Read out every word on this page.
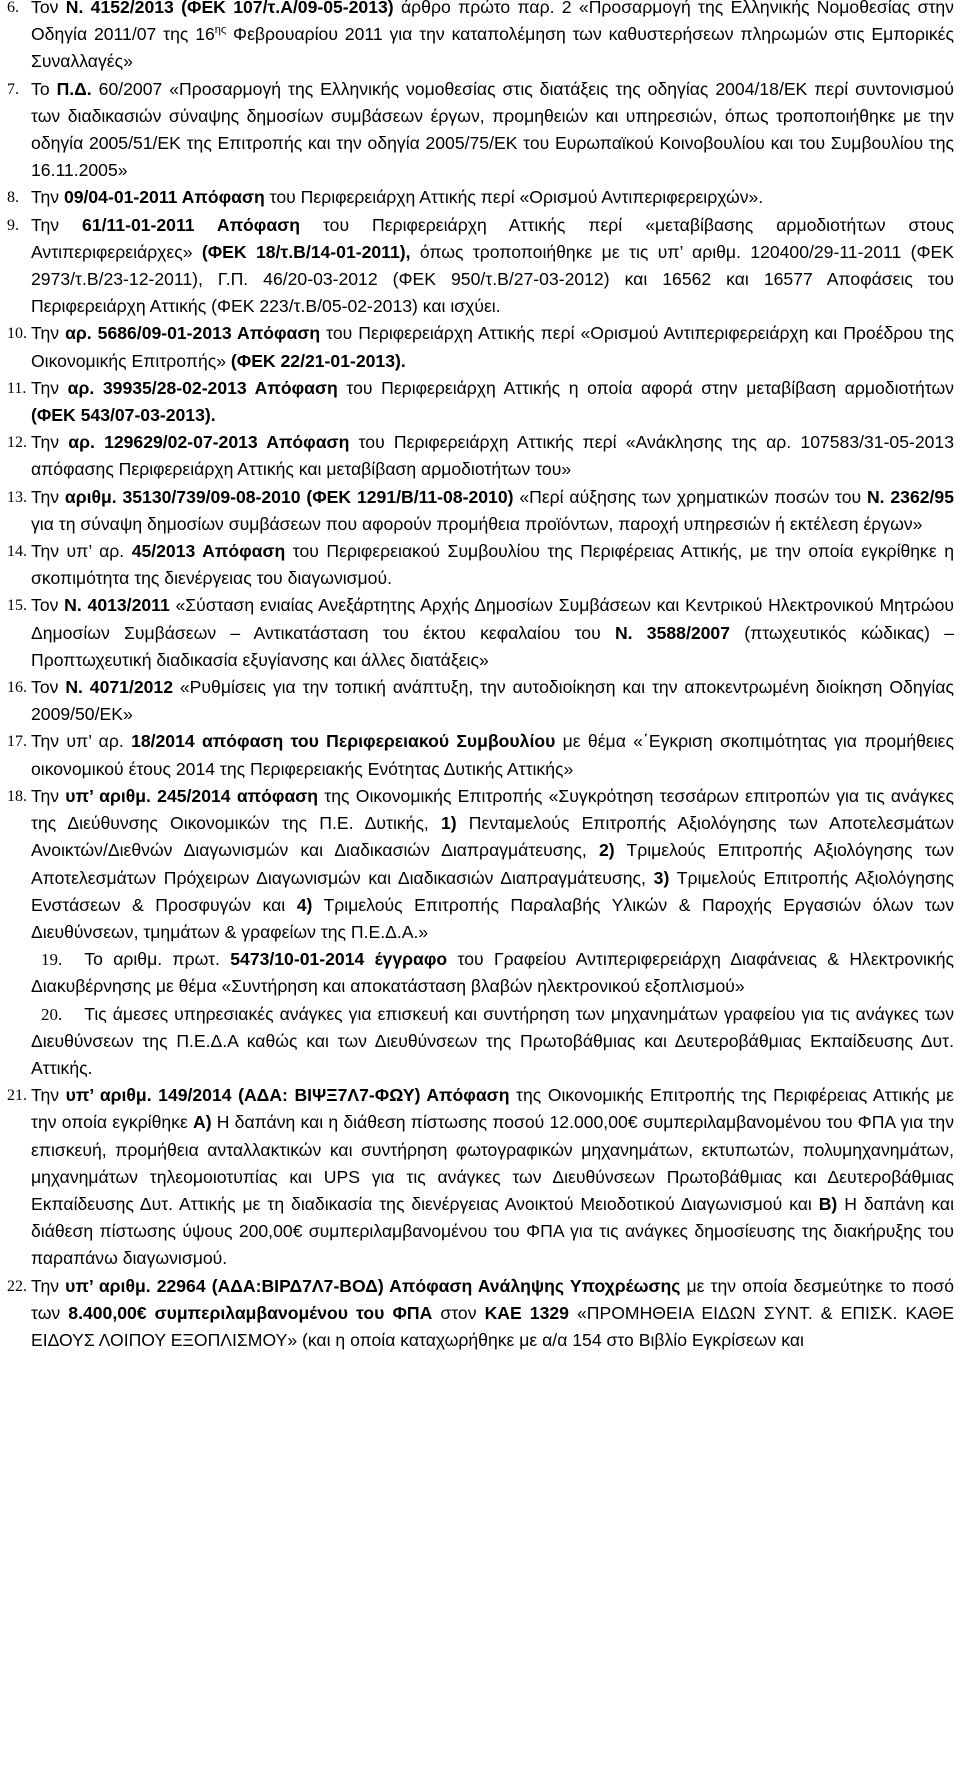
6. Τον Ν. 4152/2013 (ΦΕΚ 107/τ.Α/09-05-2013) άρθρο πρώτο παρ. 2 «Προσαρμογή της Ελληνικής Νομοθεσίας στην Οδηγία 2011/07 της $16^{\eta\varsigma}$ Φεβρουαρίου 2011 για την καταπολέμηση των καθυστερήσεων πληρωμών στις Εμπορικές Συναλλαγές»
7. Το Π.Δ. 60/2007 «Προσαρμογή της Ελληνικής νομοθεσίας στις διατάξεις της οδηγίας 2004/18/ΕΚ περί συντονισμού των διαδικασιών σύναψης δημοσίων συμβάσεων έργων, προμηθειών και υπηρεσιών, όπως τροποποιήθηκε με την οδηγία 2005/51/ΕΚ της Επιτροπής και την οδηγία 2005/75/ΕΚ του Ευρωπαϊκού Κοινοβουλίου και του Συμβουλίου της 16.11.2005»
8. Την 09/04-01-2011 Απόφαση του Περιφερειάρχη Αττικής περί «Ορισμού Αντιπεριφερειρχών».
9. Την 61/11-01-2011 Απόφαση του Περιφερειάρχη Αττικής περί «μεταβίβασης αρμοδιοτήτων στους Αντιπεριφερειάρχες» (ΦΕΚ 18/τ.Β/14-01-2011), όπως τροποποιήθηκε με τις υπ’ αριθμ. 120400/29-11-2011 (ΦΕΚ 2973/τ.Β/23-12-2011), Γ.Π. 46/20-03-2012 (ΦΕΚ 950/τ.Β/27-03-2012) και 16562 και 16577 Αποφάσεις του Περιφερειάρχη Αττικής (ΦΕΚ 223/τ.Β/05-02-2013) και ισχύει.
10. Την αρ. 5686/09-01-2013 Απόφαση του Περιφερειάρχη Αττικής περί «Ορισμού Αντιπεριφερειάρχη και Προέδρου της Οικονομικής Επιτροπής» (ΦΕΚ 22/21-01-2013).
11. Την αρ. 39935/28-02-2013 Απόφαση του Περιφερειάρχη Αττικής η οποία αφορά στην μεταβίβαση αρμοδιοτήτων (ΦΕΚ 543/07-03-2013).
12. Την αρ. 129629/02-07-2013 Απόφαση του Περιφερειάρχη Αττικής περί «Ανάκλησης της αρ. 107583/31-05-2013 απόφασης Περιφερειάρχη Αττικής και μεταβίβαση αρμοδιοτήτων του»
13. Την αριθμ. 35130/739/09-08-2010 (ΦΕΚ 1291/Β/11-08-2010) «Περί αύξησης των χρηματικών ποσών του Ν. 2362/95 για τη σύναψη δημοσίων συμβάσεων που αφορούν προμήθεια προϊόντων, παροχή υπηρεσιών ή εκτέλεση έργων»
14. Την υπ’ αρ. 45/2013 Απόφαση του Περιφερειακού Συμβουλίου της Περιφέρειας Αττικής, με την οποία εγκρίθηκε η σκοπιμότητα της διενέργειας του διαγωνισμού.
15. Τον Ν. 4013/2011 «Σύσταση ενιαίας Ανεξάρτητης Αρχής Δημοσίων Συμβάσεων και Κεντρικού Ηλεκτρονικού Μητρώου Δημοσίων Συμβάσεων – Αντικατάσταση του έκτου κεφαλαίου του Ν. 3588/2007 (πτωχευτικός κώδικας) – Προπτωχευτική διαδικασία εξυγίανσης και άλλες διατάξεις»
16. Τον Ν. 4071/2012 «Ρυθμίσεις για την τοπική ανάπτυξη, την αυτοδιοίκηση και την αποκεντρωμένη διοίκηση Οδηγίας 2009/50/ΕΚ»
17. Την υπ’ αρ. 18/2014 απόφαση του Περιφερειακού Συμβουλίου με θέμα «΄Εγκριση σκοπιμότητας για προμήθειες οικονομικού έτους 2014 της Περιφερειακής Ενότητας Δυτικής Αττικής»
18. Την υπ’ αριθμ. 245/2014 απόφαση της Οικονομικής Επιτροπής «Συγκρότηση τεσσάρων επιτροπών για τις ανάγκες της Διεύθυνσης Οικονομικών της Π.Ε. Δυτικής, 1) Πενταμελούς Επιτροπής Αξιολόγησης των Αποτελεσμάτων Ανοικτών/Διεθνών Διαγωνισμών και Διαδικασιών Διαπραγμάτευσης, 2) Τριμελούς Επιτροπής Αξιολόγησης των Αποτελεσμάτων Πρόχειρων Διαγωνισμών και Διαδικασιών Διαπραγμάτευσης, 3) Τριμελούς Επιτροπής Αξιολόγησης Ενστάσεων & Προσφυγών και 4) Τριμελούς Επιτροπής Παραλαβής Υλικών & Παροχής Εργασιών όλων των Διευθύνσεων, τμημάτων & γραφείων της Π.Ε.Δ.Α.»
19. Το αριθμ. πρωτ. 5473/10-01-2014 έγγραφο του Γραφείου Αντιπεριφερειάρχη Διαφάνειας & Ηλεκτρονικής Διακυβέρνησης με θέμα «Συντήρηση και αποκατάσταση βλαβών ηλεκτρονικού εξοπλισμού»
20. Τις άμεσες υπηρεσιακές ανάγκες για επισκευή και συντήρηση των μηχανημάτων γραφείου για τις ανάγκες των Διευθύνσεων της Π.Ε.Δ.Α καθώς και των Διευθύνσεων της Πρωτοβάθμιας και Δευτεροβάθμιας Εκπαίδευσης Δυτ. Αττικής.
21. Την υπ’ αριθμ. 149/2014 (ΑΔΑ: ΒΙΨΞ7Λ7-ΦΩΥ) Απόφαση της Οικονομικής Επιτροπής της Περιφέρειας Αττικής με την οποία εγκρίθηκε Α) Η δαπάνη και η διάθεση πίστωσης ποσού 12.000,00€ συμπεριλαμβανομένου του ΦΠΑ για την επισκευή, προμήθεια ανταλλακτικών και συντήρηση φωτογραφικών μηχανημάτων, εκτυπωτών, πολυμηχανημάτων, μηχανημάτων τηλεομοιοτυπίας και UPS για τις ανάγκες των Διευθύνσεων Πρωτοβάθμιας και Δευτεροβάθμιας Εκπαίδευσης Δυτ. Αττικής με τη διαδικασία της διενέργειας Ανοικτού Μειοδοτικού Διαγωνισμού και Β) Η δαπάνη και διάθεση πίστωσης ύψους 200,00€ συμπεριλαμβανομένου του ΦΠΑ για τις ανάγκες δημοσίευσης της διακήρυξης του παραπάνω διαγωνισμού.
22. Την υπ’ αριθμ. 22964 (ΑΔΑ:ΒΙΡΔ7Λ7-ΒΟΔ) Απόφαση Ανάληψης Υποχρέωσης με την οποία δεσμεύτηκε το ποσό των 8.400,00€ συμπεριλαμβανομένου του ΦΠΑ στον ΚΑΕ 1329 «ΠΡΟΜΗΘΕΙΑ ΕΙΔΩΝ ΣΥΝΤ. & ΕΠΙΣΚ. ΚΑΘΕ ΕΙΔΟΥΣ ΛΟΙΠΟΥ ΕΞΟΠΛΙΣΜΟΥ» (και η οποία καταχωρήθηκε με α/α 154 στο Βιβλίο Εγκρίσεων και
